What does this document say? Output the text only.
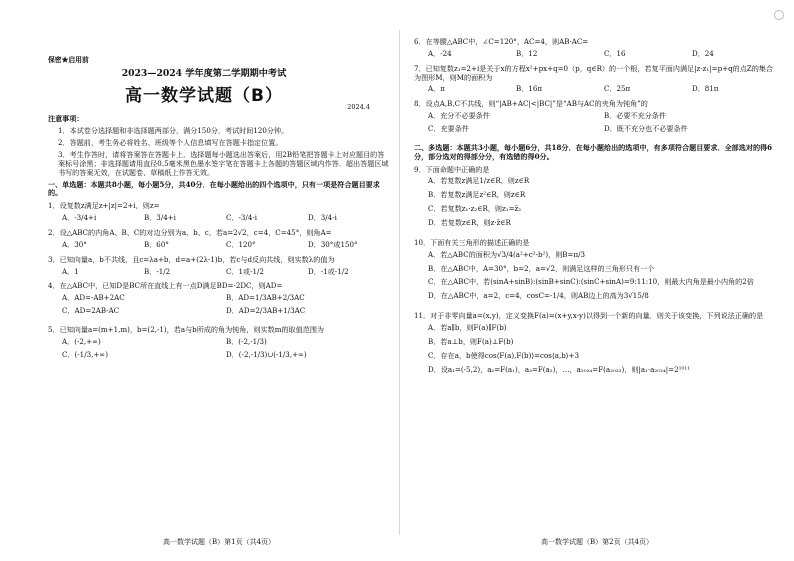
保密★启用前
2023—2024 学年度第二学期期中考试
高一数学试题（B）
2024.4
注意事项：
1．本试卷分选择题和非选择题两部分，满分150分，考试时间120分钟。
2．答题前，考生务必将姓名、班级等个人信息填写在答题卡指定位置。
3．考生作答时，请将答案答在答题卡上．选择题每小题选出答案后，用2B铅笔把答题卡上对应题目的答案标号涂黑；非选择题请用直径0.5毫米黑色墨水签字笔在答题卡上各题的答题区域内作答．超出答题区域书写的答案无效，在试题卷、草稿纸上作答无效。
一、单选题：本题共8小题，每小题5分，共40分．在每小题给出的四个选项中，只有一项是符合题目要求的。
1．设复数z满足z+|z|=2+i，则z=
A．-3/4+i	B．3/4+i	C．-3/4-i	D．3/4-i
2．设△ABC的内角A、B、C的对边分别为a、b、c，若a=2√2，c=4，C=45°，则角A=
A．30°	B．60°	C．120°	D．30°或150°
3．已知向量a，b不共线，且c=λa+b，d=a+(2λ-1)b，若c与d反向共线，则实数λ的值为
A．1	B．-1/2	C．1或-1/2	D．-1或-1/2
4．在△ABC中，已知D是BC所在直线上有一点D满足BD=-2DC，则AD=
A．AD=-AB+2AC	B．AD=1/3AB+2/3AC
C．AD=2AB-AC	D．AD=2/3AB+1/3AC
5．已知向量a=(m+1,m)，b=(2,-1)，若a与b所成的角为钝角，则实数m的取值范围为
A．(-2,+∞)	B．(-2,-1/3)
C．(-1/3,+∞)	D．(-2,-1/3)∪(-1/3,+∞)
高一数学试题（B）第1页（共4页）
6．在等腰△ABC中，∠C=120°，AC=4，则AB·AC=
A．-24	B．12	C．16	D．24
7．已知复数z₁=2+i是关于x的方程x²+px+q=0（p，q∈R）的一个根，若复平面内满足|z-z₁|=p+q的点Z的集合为图形M，则M的面积为
A．π	B．16π	C．25π	D．81π
8．设点A,B,C不共线，则“|AB+AC|<|BC|”是“AB与AC的夹角为钝角”的
A．充分不必要条件	B．必要不充分条件
C．充要条件	D．既不充分也不必要条件
二、多选题：本题共3小题，每小题6分，共18分．在每小题给出的选项中，有多项符合题目要求．全部选对的得6分，部分选对的得部分分，有选错的得0分。
9．下面命题中正确的是
A．若复数z满足1/z∈R，则z∈R
B．若复数z满足z²∈R，则z∈R
C．若复数z₁·z₂∈R，则z₁=z̄₂
D．若复数z∈R，则z·z̄∈R
10．下面有关三角形的描述正确的是
A．若△ABC的面积为√3/4(a²+c²-b²)，则B=π/3
B．在△ABC中，A=30°，b=2，a=√2，则满足这样的三角形只有一个
C．在△ABC中，若(sinA+sinB):(sinB+sinC):(sinC+sinA)=9:11:10，则最大内角是最小内角的2倍
D．在△ABC中，a=2，c=4，cosC=-1/4，则AB边上的高为3√15/8
11．对于非零向量a=(x,y)，定义变换F(a)=(x+y,x-y)以得到一个新的向量．则关于该变换，下列说法正确的是
A．若a∥b，则F(a)∥F(b)
B．若a⊥b，则F(a)⊥F(b)
C．存在a，b使得cos⟨F(a),F(b)⟩=cos⟨a,b⟩+3
D．设a₁=(-5,2)，a₂=F(a₁)，a₃=F(a₂)，…，a₂₀₂₄=F(a₂₀₂₃)，则|a₁·a₂₀₂₄|=2¹⁰¹¹
高一数学试题（B）第2页（共4页）
